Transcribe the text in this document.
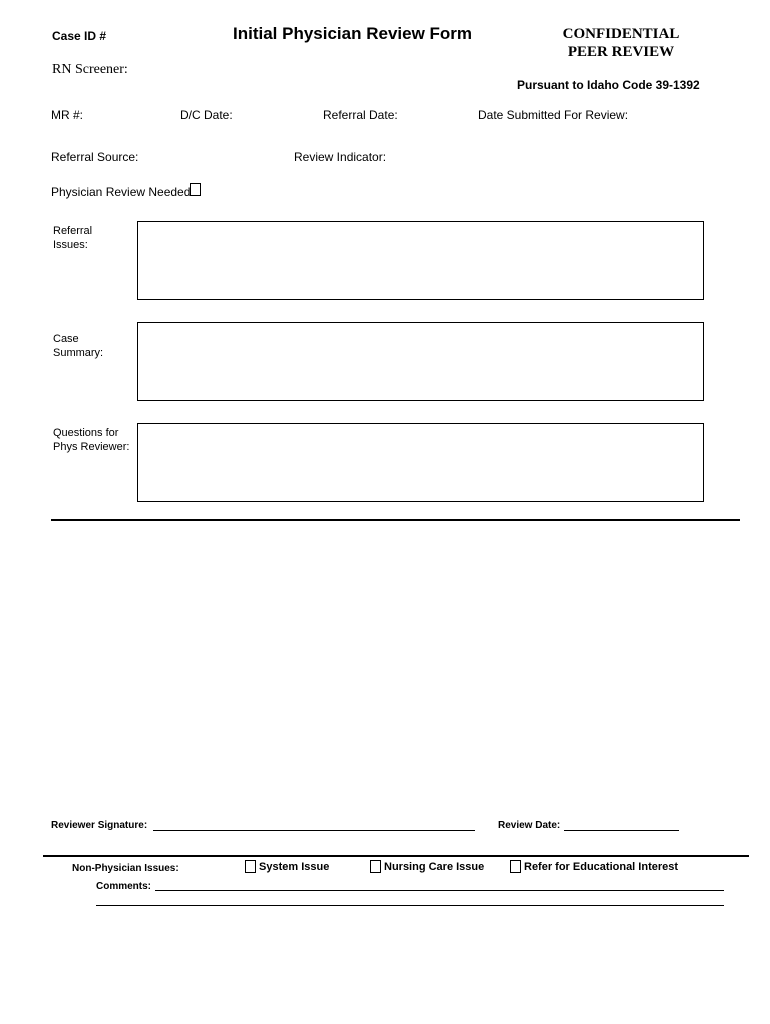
Case ID #	Initial Physician Review Form	CONFIDENTIAL
PEER REVIEW
RN Screener:
Pursuant to Idaho Code 39-1392
MR #:	D/C Date:	Referral Date:	Date Submitted For Review:
Referral Source:	Review Indicator:
Physician Review Needed
Referral
Issues:
Case
Summary:
Questions for
Phys Reviewer:
Reviewer Signature:	Review Date:
Non-Physician Issues:	System Issue	Nursing Care Issue	Refer for Educational Interest
Comments:
